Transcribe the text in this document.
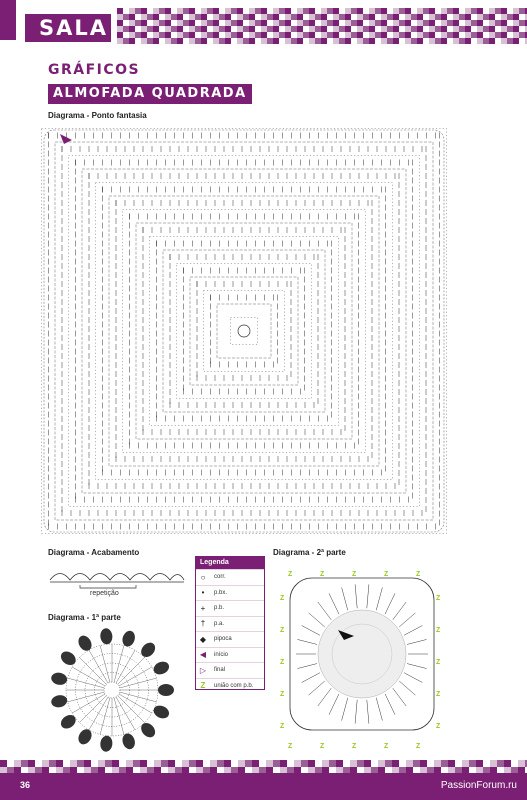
SALA
GRÁFICOS
ALMOFADA QUADRADA
Diagrama - Ponto fantasia
Diagrama - Acabamento
repetição
Diagrama - 1ª parte
Legenda
○	corr.
•	p.bx.
+	p.b.
†	p.a.
◆	pipoca
◀	início
▷	final
Z	união com p.b.
Diagrama - 2ª parte
Z	Z	Z	Z	Z
Z
Z
Z
Z
Z
Z
Z
Z
Z
Z
Z	Z	Z	Z	Z
36	PassionForum.ru
